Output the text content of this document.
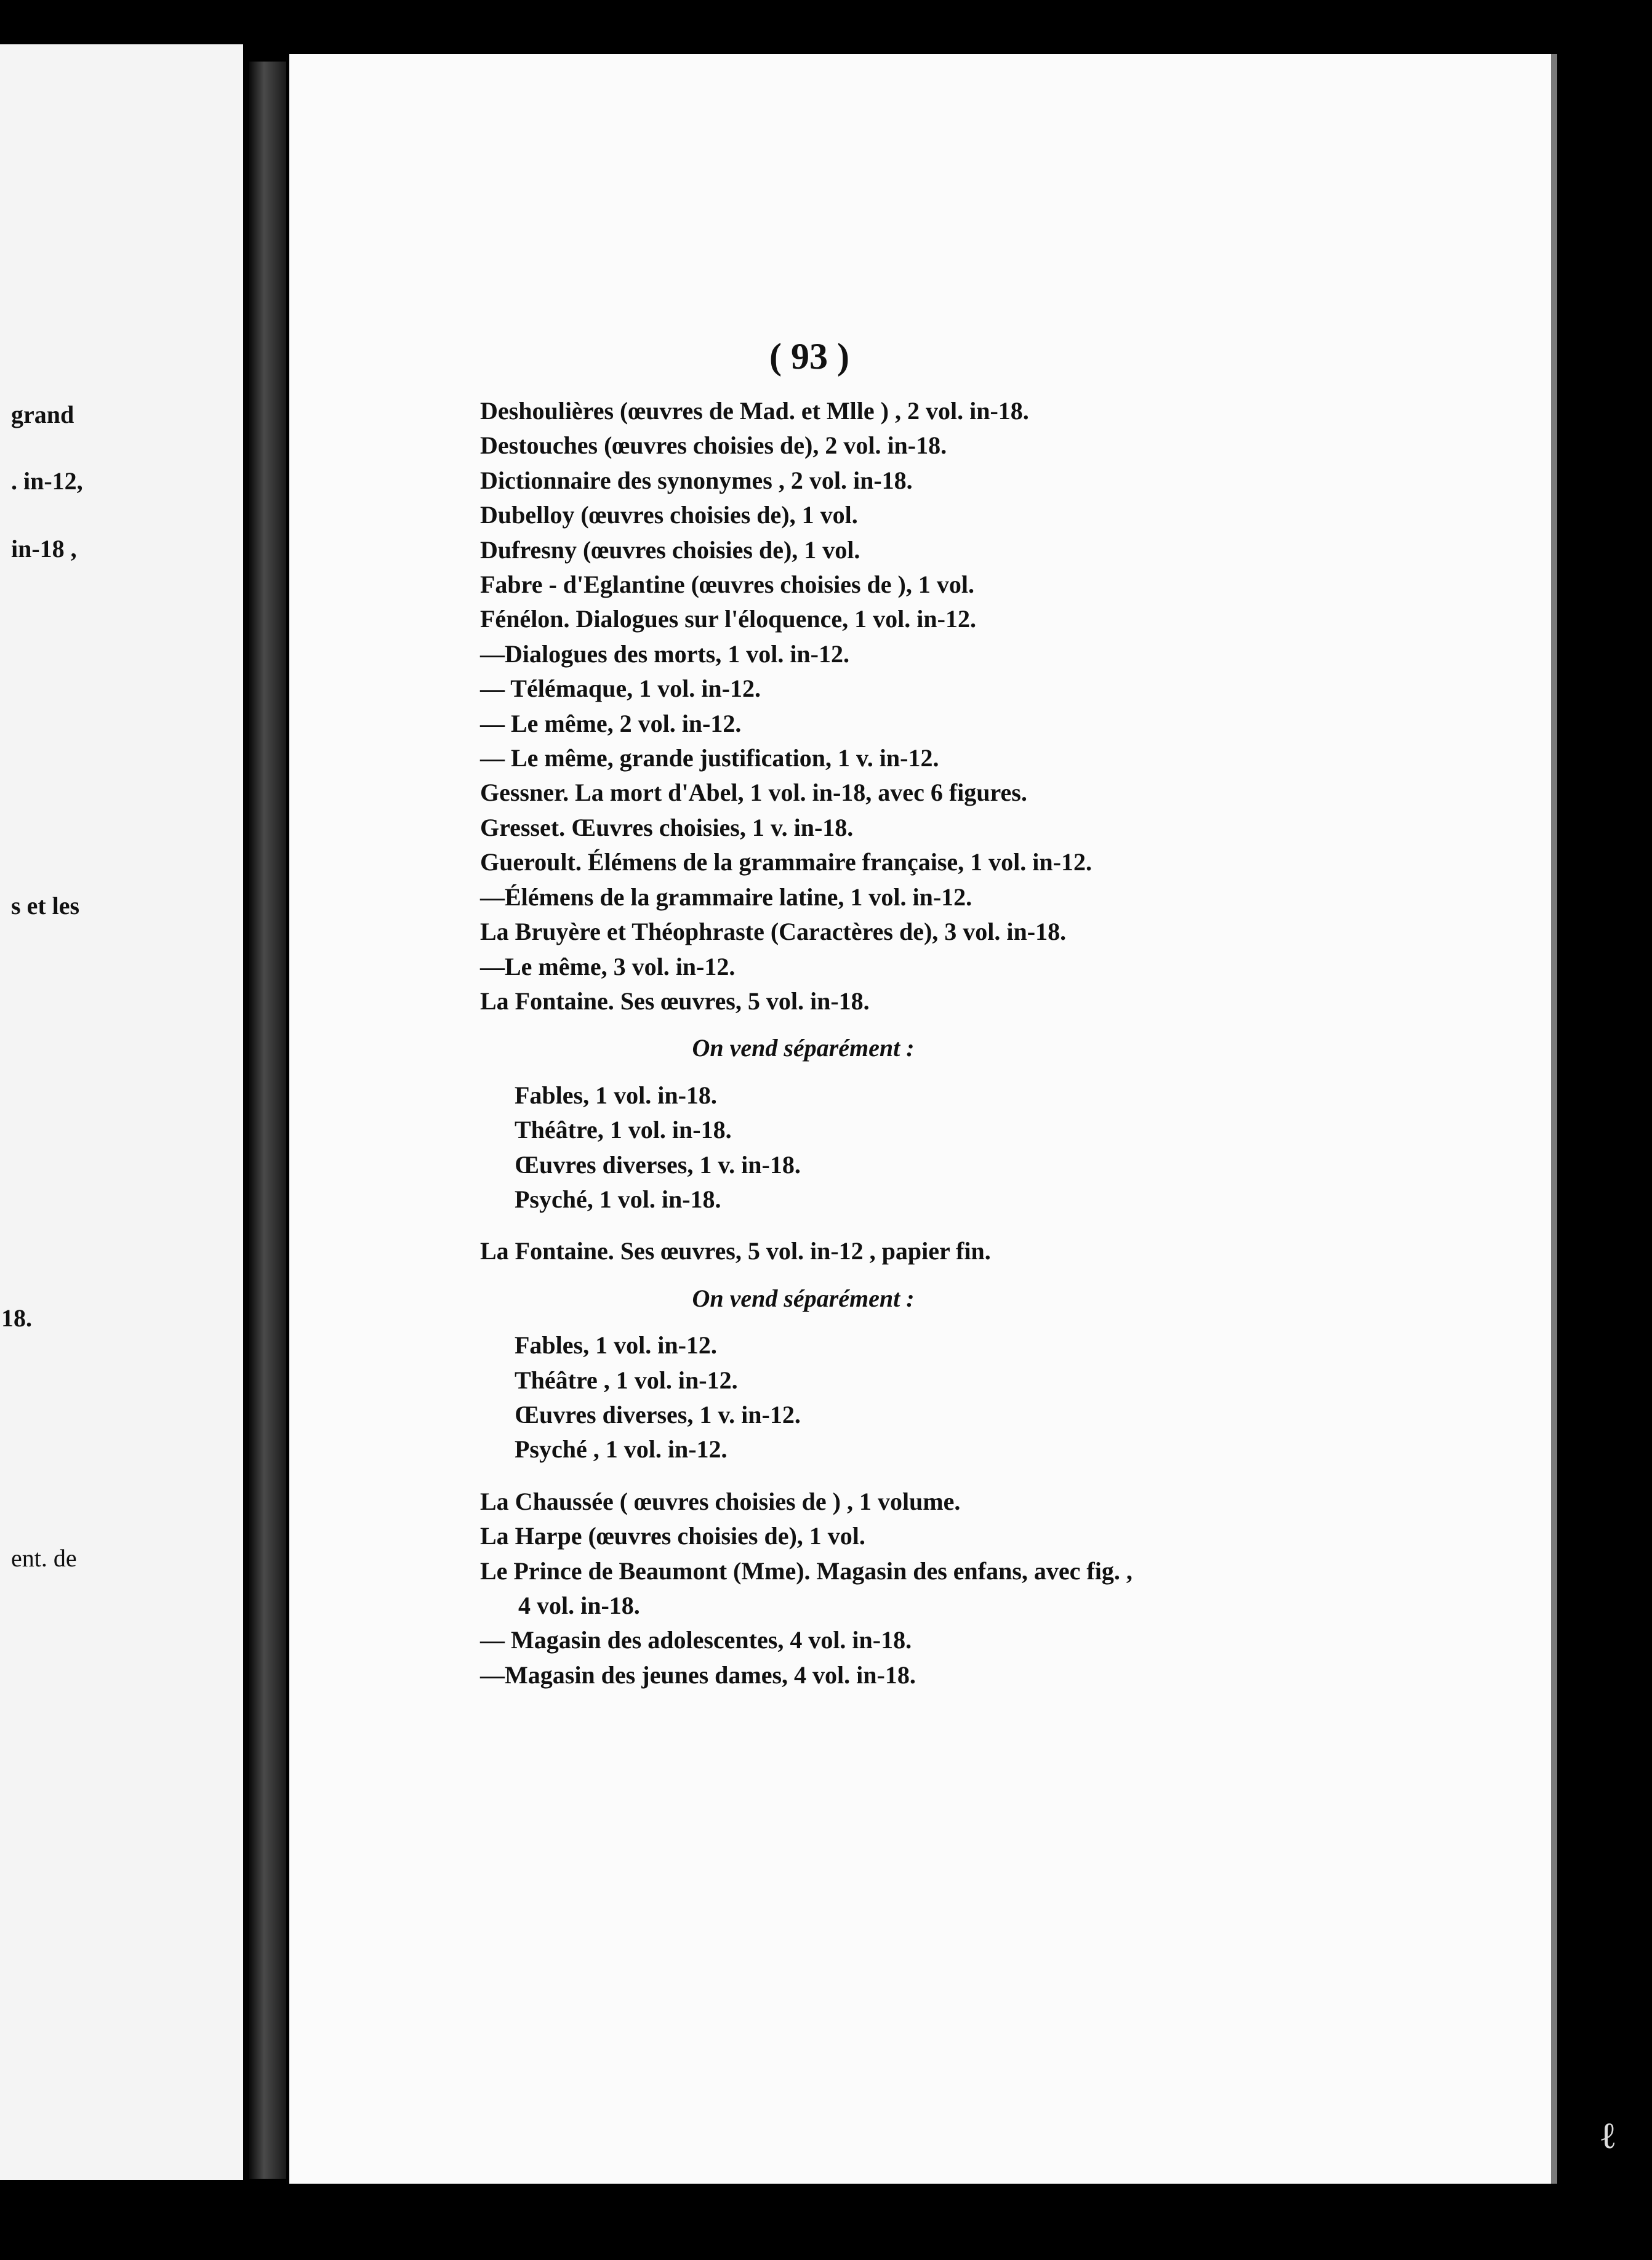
grand
. in-12,
in-18 ,
s et les
18.
ent. de
( 93 )

Deshoulières (œuvres de Mad. et Mlle ) , 2 vol. in-18.

Destouches (œuvres choisies de), 2 vol. in-18.

Dictionnaire des synonymes , 2 vol. in-18.

Dubelloy (œuvres choisies de), 1 vol.

Dufresny (œuvres choisies de), 1 vol.

Fabre - d'Eglantine (œuvres choisies de ), 1 vol.

Fénélon. Dialogues sur l'éloquence, 1 vol. in-12.

—Dialogues des morts, 1 vol. in-12.

— Télémaque, 1 vol. in-12.

— Le même, 2 vol. in-12.

— Le même, grande justification, 1 v. in-12.

Gessner. La mort d'Abel, 1 vol. in-18, avec 6 figures.

Gresset. Œuvres choisies, 1 v. in-18.

Gueroult. Élémens de la grammaire française, 1 vol. in-12.

—Élémens de la grammaire latine, 1 vol. in-12.

La Bruyère et Théophraste (Caractères de), 3 vol. in-18.

—Le même, 3 vol. in-12.

La Fontaine. Ses œuvres, 5 vol. in-18.

On vend séparément :

Fables, 1 vol. in-18.

Théâtre, 1 vol. in-18.

Œuvres diverses, 1 v. in-18.

Psyché, 1 vol. in-18.

La Fontaine. Ses œuvres, 5 vol. in-12 , papier fin.

On vend séparément :

Fables, 1 vol. in-12.

Théâtre , 1 vol. in-12.

Œuvres diverses, 1 v. in-12.

Psyché , 1 vol. in-12.

La Chaussée ( œuvres choisies de ) , 1 volume.

La Harpe (œuvres choisies de), 1 vol.

Le Prince de Beaumont (Mme). Magasin des enfans, avec fig. ,

4 vol. in-18.

— Magasin des adolescentes, 4 vol. in-18.

—Magasin des jeunes dames, 4 vol. in-18.

ℓ
